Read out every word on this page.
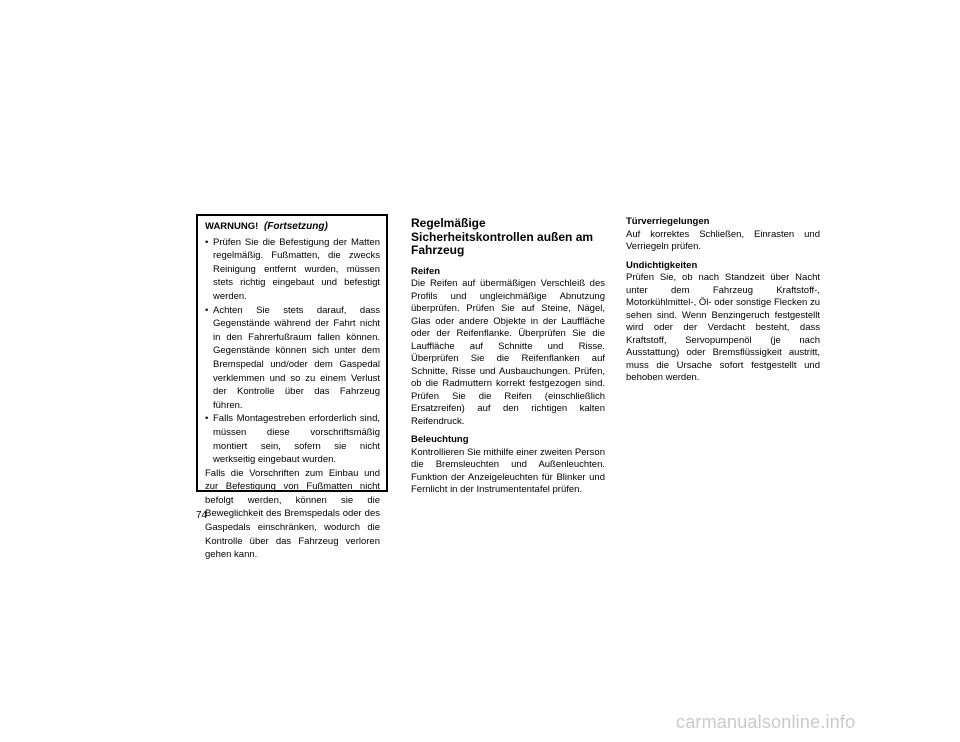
WARNUNG! (Fortsetzung)
• Prüfen Sie die Befestigung der Matten regelmäßig. Fußmatten, die zwecks Reinigung entfernt wurden, müssen stets richtig eingebaut und befestigt werden.
• Achten Sie stets darauf, dass Gegenstände während der Fahrt nicht in den Fahrerfußraum fallen können. Gegenstände können sich unter dem Bremspedal und/oder dem Gaspedal verklemmen und so zu einem Verlust der Kontrolle über das Fahrzeug führen.
• Falls Montagestreben erforderlich sind, müssen diese vorschriftsmäßig montiert sein, sofern sie nicht werkseitig eingebaut wurden.
Falls die Vorschriften zum Einbau und zur Befestigung von Fußmatten nicht befolgt werden, können sie die Beweglichkeit des Bremspedals oder des Gaspedals einschränken, wodurch die Kontrolle über das Fahrzeug verloren gehen kann.
Regelmäßige Sicherheitskontrollen außen am Fahrzeug
Reifen
Die Reifen auf übermäßigen Verschleiß des Profils und ungleichmäßige Abnutzung überprüfen. Prüfen Sie auf Steine, Nägel, Glas oder andere Objekte in der Lauffläche oder der Reifenflanke. Überprüfen Sie die Lauffläche auf Schnitte und Risse. Überprüfen Sie die Reifenflanken auf Schnitte, Risse und Ausbauchungen. Prüfen, ob die Radmuttern korrekt festgezogen sind. Prüfen Sie die Reifen (einschließlich Ersatzreifen) auf den richtigen kalten Reifendruck.
Beleuchtung
Kontrollieren Sie mithilfe einer zweiten Person die Bremsleuchten und Außenleuchten. Funktion der Anzeigeleuchten für Blinker und Fernlicht in der Instrumententafel prüfen.
Türverriegelungen
Auf korrektes Schließen, Einrasten und Verriegeln prüfen.
Undichtigkeiten
Prüfen Sie, ob nach Standzeit über Nacht unter dem Fahrzeug Kraftstoff-, Motorkühlmittel-, Öl- oder sonstige Flecken zu sehen sind. Wenn Benzingeruch festgestellt wird oder der Verdacht besteht, dass Kraftstoff, Servopumpenöl (je nach Ausstattung) oder Bremsflüssigkeit austritt, muss die Ursache sofort festgestellt und behoben werden.
74
carmanualsonline.info
